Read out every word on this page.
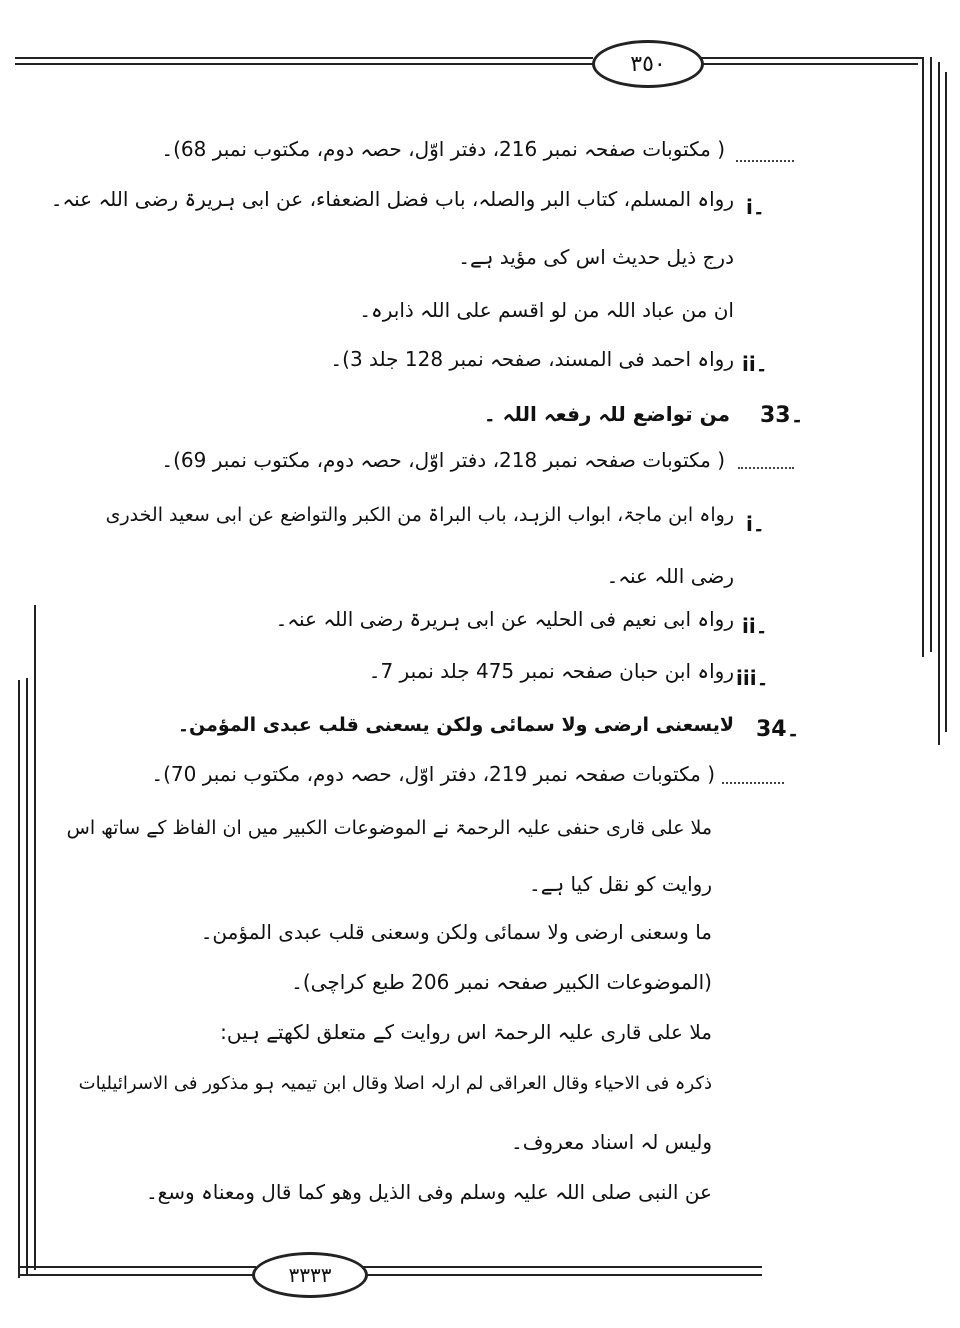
٣٥٠
٣٣٣٣
( مکتوبات صفحہ نمبر 216، دفتر اوّل، حصہ دوم، مکتوب نمبر 68)۔
i۔
رواہ المسلم، کتاب البر والصلہ، باب فضل الضعفاء، عن ابی ہریرۃ رضی اللہ عنہ۔
درج ذیل حدیث اس کی مؤید ہے۔
ان من عباد اللہ من لو اقسم علی اللہ ذابرہ۔
ii۔
رواہ احمد فی المسند، صفحہ نمبر 128 جلد 3)۔
33۔
من تواضع للہ رفعہ اللہ ۔
( مکتوبات صفحہ نمبر 218، دفتر اوّل، حصہ دوم، مکتوب نمبر 69)۔
i۔
رواہ ابن ماجۃ، ابواب الزہد، باب البراۃ من الکبر والتواضع عن ابی سعید الخدری
رضی اللہ عنہ۔
ii۔
رواہ ابی نعیم فی الحلیہ عن ابی ہریرۃ رضی اللہ عنہ۔
iii۔
رواہ ابن حبان صفحہ نمبر 475 جلد نمبر 7۔
34۔
لایسعنی ارضی ولا سمائی ولکن یسعنی قلب عبدی المؤمن۔
( مکتوبات صفحہ نمبر 219، دفتر اوّل، حصہ دوم، مکتوب نمبر 70)۔
ملا علی قاری حنفی علیہ الرحمۃ نے الموضوعات الکبیر میں ان الفاظ کے ساتھ اس
روایت کو نقل کیا ہے۔
ما وسعنی ارضی ولا سمائی ولکن وسعنی قلب عبدی المؤمن۔
(الموضوعات الکبیر صفحہ نمبر 206 طبع کراچی)۔
ملا علی قاری علیہ الرحمۃ اس روایت کے متعلق لکھتے ہیں:
ذکرہ فی الاحیاء وقال العراقی لم ارلہ اصلا وقال ابن تیمیہ ہو مذکور فی الاسرائیلیات
ولیس لہ اسناد معروف۔
عن النبی صلی اللہ علیہ وسلم وفی الذیل وھو کما قال ومعناہ وسع۔
